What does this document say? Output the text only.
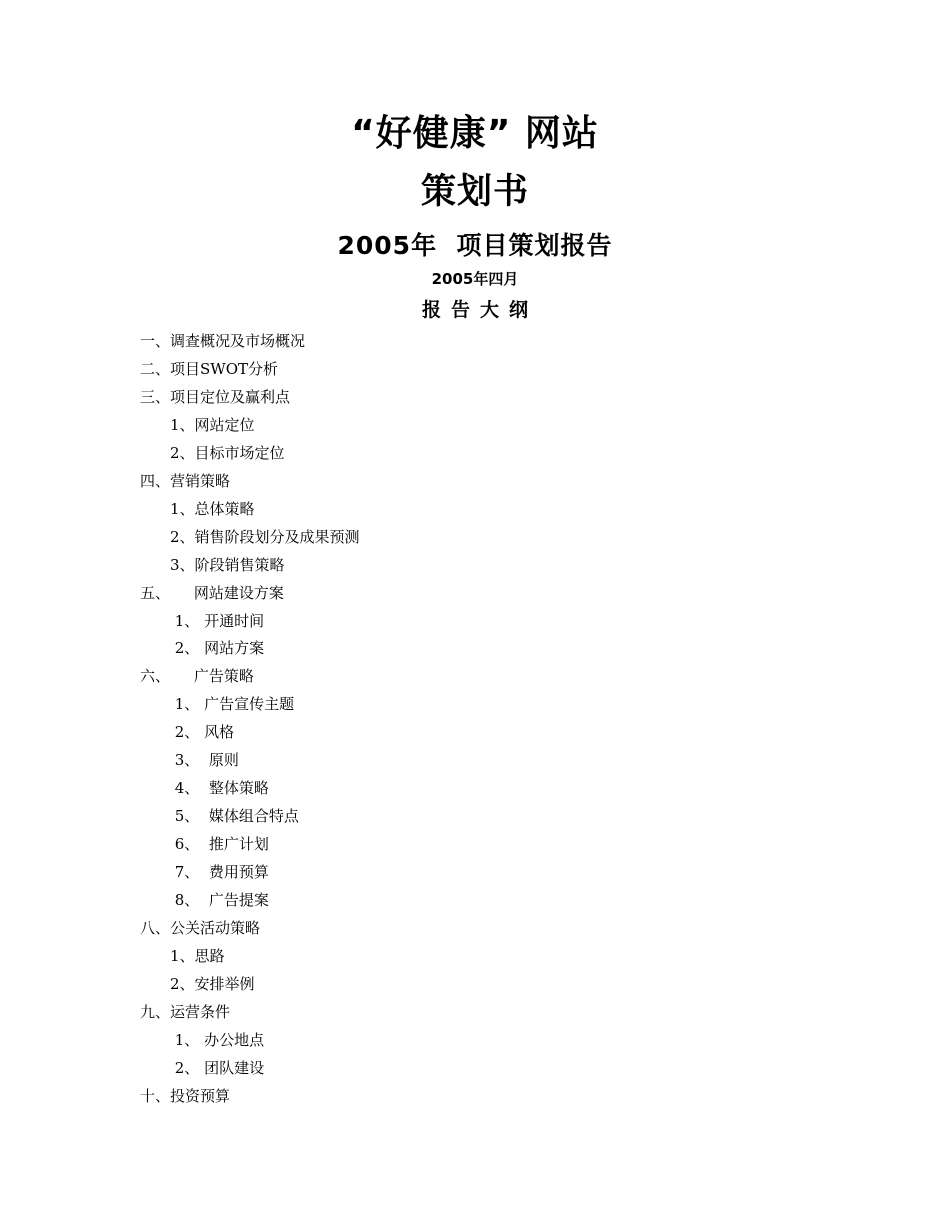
“好健康” 网站
策划书
2005年  项目策划报告
2005年四月
报告大纲
一、调查概况及市场概况
二、项目SWOT分析
三、项目定位及赢利点
1、网站定位
2、目标市场定位
四、营销策略
1、总体策略
2、销售阶段划分及成果预测
3、阶段销售策略
五、     网站建设方案
1、 开通时间
2、 网站方案
六、     广告策略
1、 广告宣传主题
2、 风格
3、  原则
4、  整体策略
5、  媒体组合特点
6、  推广计划
7、  费用预算
8、  广告提案
八、公关活动策略
1、思路
2、安排举例
九、运营条件
1、 办公地点
2、 团队建设
十、投资预算
